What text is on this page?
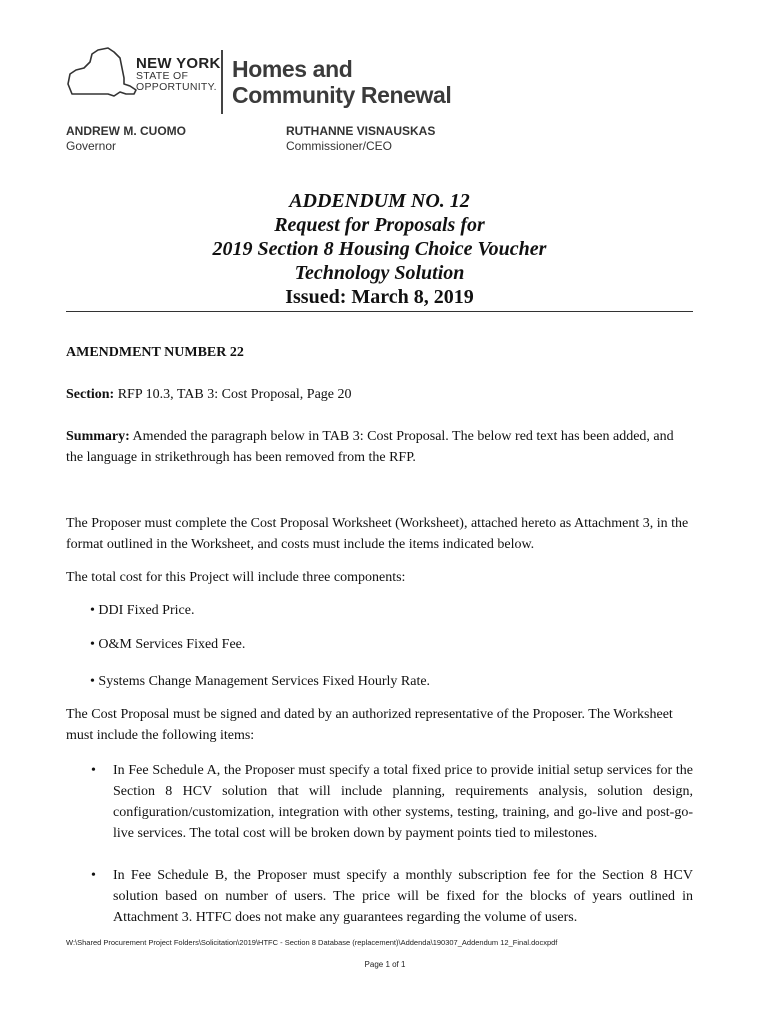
NEW YORK
STATE OF
OPPORTUNITY.
Homes and
Community Renewal
ANDREW M. CUOMO
Governor
RUTHANNE VISNAUSKAS
Commissioner/CEO
ADDENDUM NO. 12
Request for Proposals for
2019 Section 8 Housing Choice Voucher
Technology Solution
Issued: March 8, 2019
AMENDMENT NUMBER 22
Section: RFP 10.3, TAB 3: Cost Proposal, Page 20
Summary: Amended the paragraph below in TAB 3: Cost Proposal. The below red text has been added, and the language in strikethrough has been removed from the RFP.
The Proposer must complete the Cost Proposal Worksheet (Worksheet), attached hereto as Attachment 3, in the format outlined in the Worksheet, and costs must include the items indicated below.
The total cost for this Project will include three components:
• DDI Fixed Price.
• O&M Services Fixed Fee.
• Systems Change Management Services Fixed Hourly Rate.
The Cost Proposal must be signed and dated by an authorized representative of the Proposer. The Worksheet must include the following items:
• In Fee Schedule A, the Proposer must specify a total fixed price to provide initial setup services for the Section 8 HCV solution that will include planning, requirements analysis, solution design, configuration/customization, integration with other systems, testing, training, and go-live and post-go-live services. The total cost will be broken down by payment points tied to milestones.
• In Fee Schedule B, the Proposer must specify a monthly subscription fee for the Section 8 HCV solution based on number of users. The price will be fixed for the blocks of years outlined in Attachment 3. HTFC does not make any guarantees regarding the volume of users.
W:\Shared Procurement Project Folders\Solicitation\2019\HTFC - Section 8 Database (replacement)\Addenda\190307_Addendum 12_Final.docxpdf
Page 1 of 1
